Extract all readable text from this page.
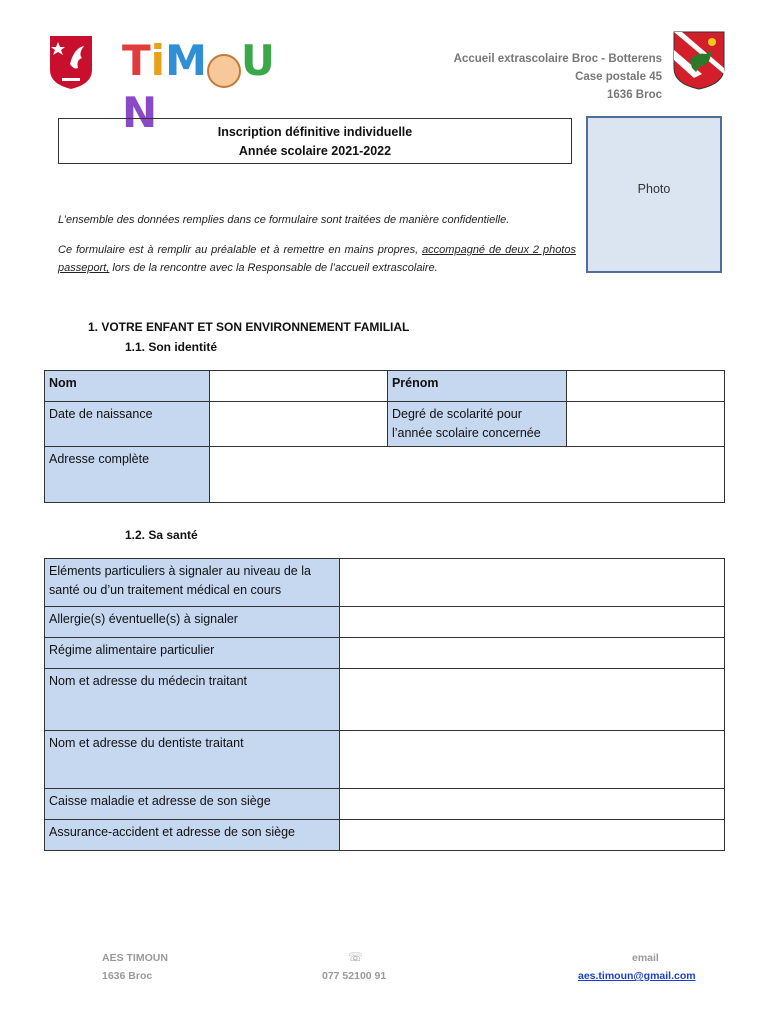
TiM UN
Accueil extrascolaire Broc - Botterens
Case postale 45
1636 Broc
Inscription définitive individuelle
Année scolaire 2021-2022
Photo
L’ensemble des données remplies dans ce formulaire sont traitées de manière confidentielle.
Ce formulaire est à remplir au préalable et à remettre en mains propres, accompagné de deux 2 photos passeport, lors de la rencontre avec la Responsable de l’accueil extrascolaire.
1. VOTRE ENFANT ET SON ENVIRONNEMENT FAMILIAL
1.1. Son identité
Nom		Prénom	
Date de naissance		Degré de scolarité pour l’année scolaire concernée	
Adresse complète			
1.2. Sa santé
Eléments particuliers à signaler au niveau de la santé ou d’un traitement médical en cours	
Allergie(s) éventuelle(s) à signaler	
Régime alimentaire particulier	
Nom et adresse du médecin traitant	
Nom et adresse du dentiste traitant	
Caisse maladie et adresse de son siège	
Assurance-accident et adresse de son siège	
AES TIMOUN
1636 Broc
☏
077 52100 91
email
aes.timoun@gmail.com
